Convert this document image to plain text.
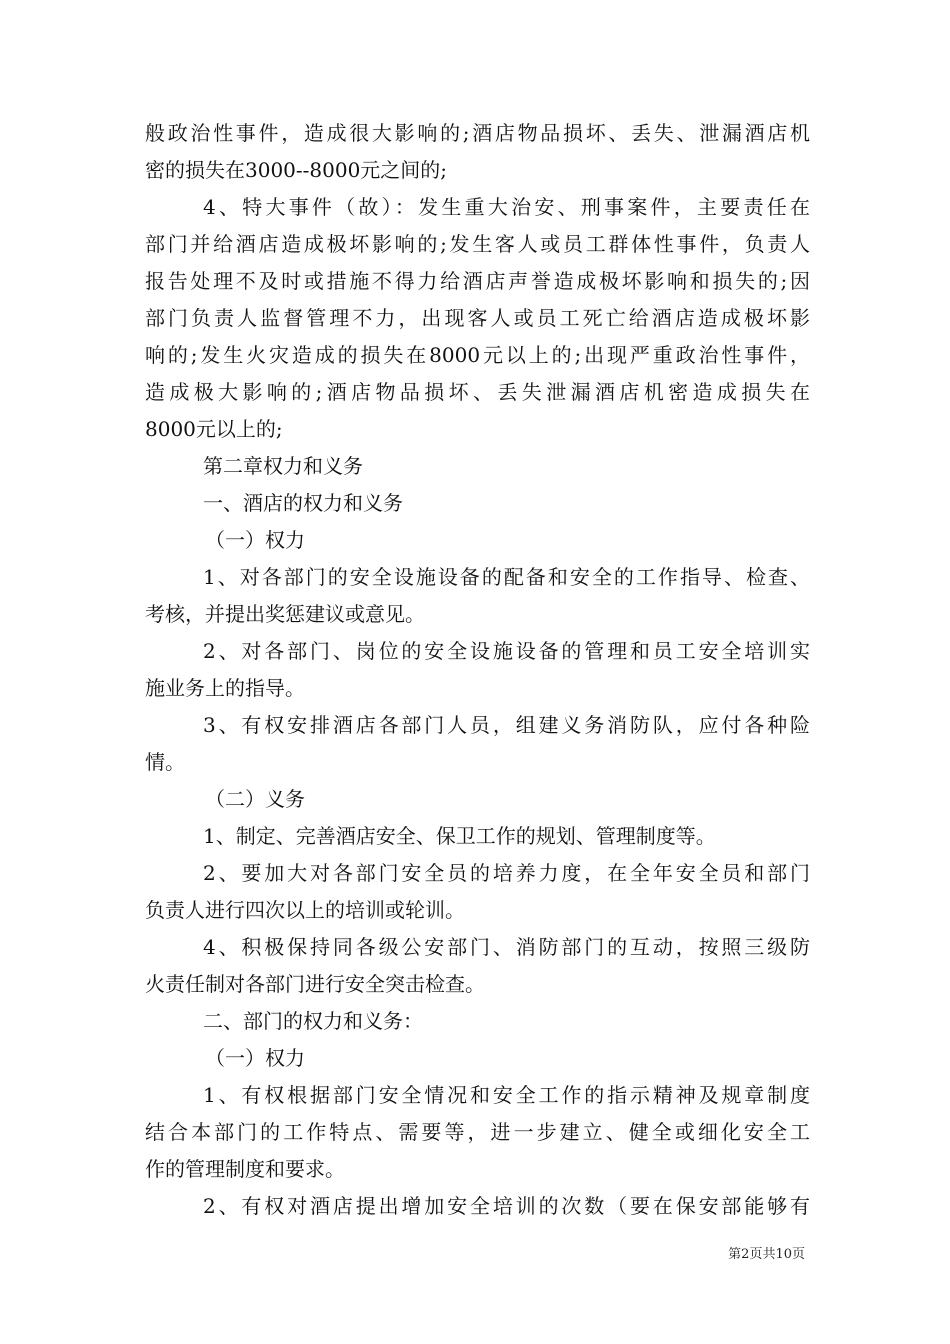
般政治性事件，造成很大影响的;酒店物品损坏、丢失、泄漏酒店机
密的损失在3000--8000元之间的;
4、特大事件（故）：发生重大治安、刑事案件，主要责任在
部门并给酒店造成极坏影响的;发生客人或员工群体性事件，负责人
报告处理不及时或措施不得力给酒店声誉造成极坏影响和损失的;因
部门负责人监督管理不力，出现客人或员工死亡给酒店造成极坏影
响的;发生火灾造成的损失在8000元以上的;出现严重政治性事件，
造成极大影响的;酒店物品损坏、丢失泄漏酒店机密造成损失在
8000元以上的;
第二章权力和义务
一、酒店的权力和义务
（一）权力
1、对各部门的安全设施设备的配备和安全的工作指导、检查、
考核，并提出奖惩建议或意见。
2、对各部门、岗位的安全设施设备的管理和员工安全培训实
施业务上的指导。
3、有权安排酒店各部门人员，组建义务消防队，应付各种险
情。
（二）义务
1、制定、完善酒店安全、保卫工作的规划、管理制度等。
2、要加大对各部门安全员的培养力度，在全年安全员和部门
负责人进行四次以上的培训或轮训。
4、积极保持同各级公安部门、消防部门的互动，按照三级防
火责任制对各部门进行安全突击检查。
二、部门的权力和义务：
（一）权力
1、有权根据部门安全情况和安全工作的指示精神及规章制度
结合本部门的工作特点、需要等，进一步建立、健全或细化安全工
作的管理制度和要求。
2、有权对酒店提出增加安全培训的次数（要在保安部能够有
第2页共10页
